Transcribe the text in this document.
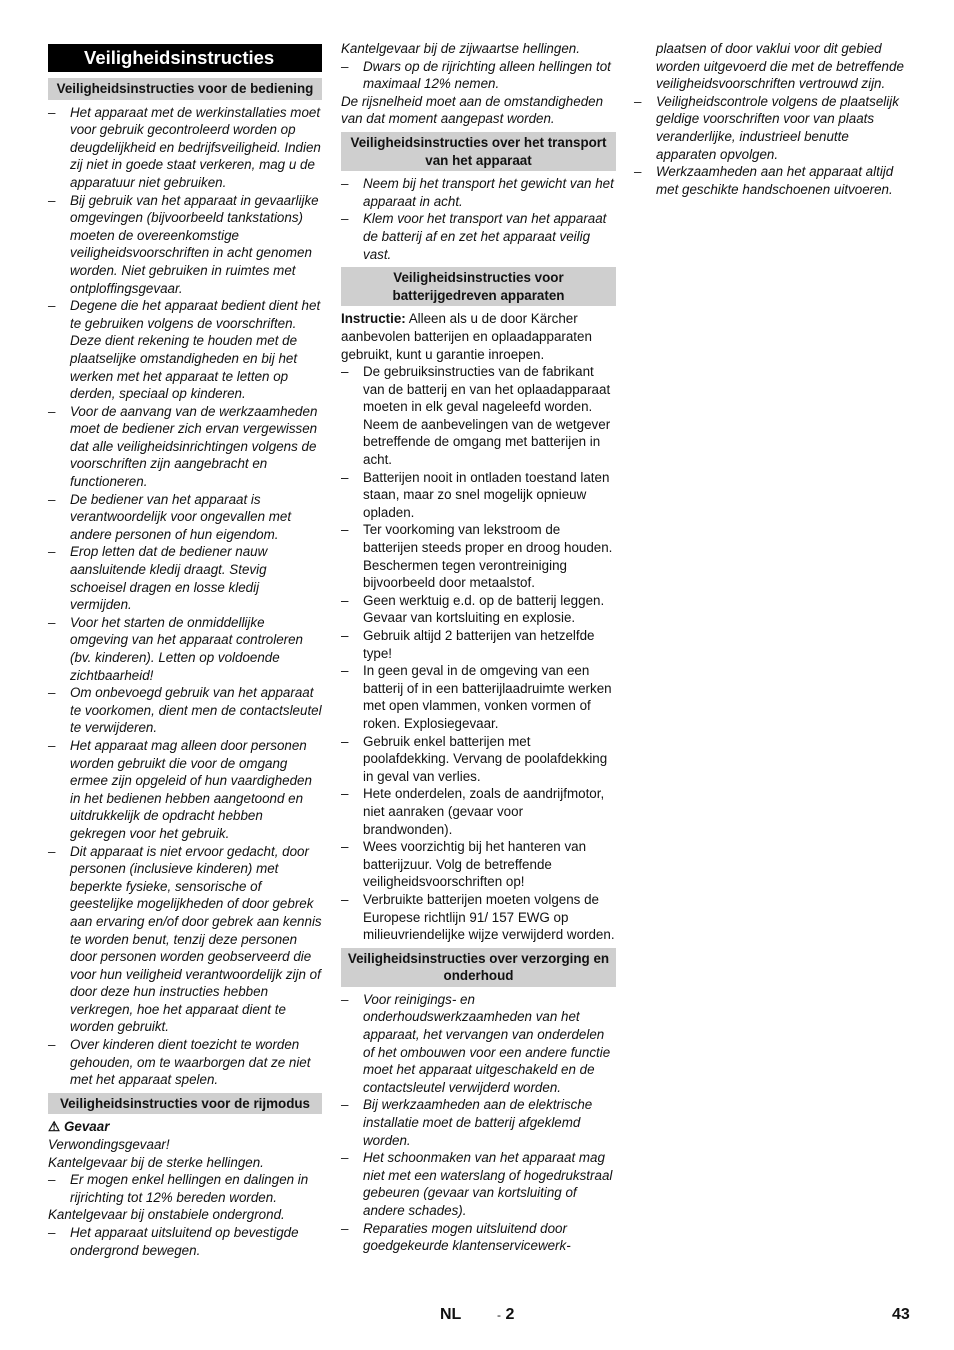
Veiligheidsinstructies
Veiligheidsinstructies voor de bediening
– Het apparaat met de werkinstallaties moet voor gebruik gecontroleerd worden op deugdelijkheid en bedrijfsveiligheid. Indien zij niet in goede staat verkeren, mag u de apparatuur niet gebruiken.
– Bij gebruik van het apparaat in gevaarlijke omgevingen (bijvoorbeeld tankstations) moeten de overeenkomstige veiligheidsvoorschriften in acht genomen worden. Niet gebruiken in ruimtes met ontploffingsgevaar.
– Degene die het apparaat bedient dient het te gebruiken volgens de voorschriften. Deze dient rekening te houden met de plaatselijke omstandigheden en bij het werken met het apparaat te letten op derden, speciaal op kinderen.
– Voor de aanvang van de werkzaamheden moet de bediener zich ervan vergewissen dat alle veiligheidsinrichtingen volgens de voorschriften zijn aangebracht en functioneren.
– De bediener van het apparaat is verantwoordelijk voor ongevallen met andere personen of hun eigendom.
– Erop letten dat de bediener nauw aansluitende kledij draagt. Stevig schoeisel dragen en losse kledij vermijden.
– Voor het starten de onmiddellijke omgeving van het apparaat controleren (bv. kinderen). Letten op voldoende zichtbaarheid!
– Om onbevoegd gebruik van het apparaat te voorkomen, dient men de contactsleutel te verwijderen.
– Het apparaat mag alleen door personen worden gebruikt die voor de omgang ermee zijn opgeleid of hun vaardigheden in het bedienen hebben aangetoond en uitdrukkelijk de opdracht hebben gekregen voor het gebruik.
– Dit apparaat is niet ervoor gedacht, door personen (inclusieve kinderen) met beperkte fysieke, sensorische of geestelijke mogelijkheden of door gebrek aan ervaring en/of door gebrek aan kennis te worden benut, tenzij deze personen door personen worden geobserveerd die voor hun veiligheid verantwoordelijk zijn of door deze hun instructies hebben verkregen, hoe het apparaat dient te worden gebruikt.
– Over kinderen dient toezicht te worden gehouden, om te waarborgen dat ze niet met het apparaat spelen.
Veiligheidsinstructies voor de rijmodus
⚠ Gevaar

Verwondingsgevaar!

Kantelgevaar bij de sterke hellingen.

– Er mogen enkel hellingen en dalingen in rijrichting tot 12% bereden worden.

Kantelgevaar bij onstabiele ondergrond.

– Het apparaat uitsluitend op bevestigde ondergrond bewegen.

Kantelgevaar bij de zijwaartse hellingen.

– Dwars op de rijrichting alleen hellingen tot maximaal 12% nemen.

De rijsnelheid moet aan de omstandigheden van dat moment aangepast worden.

Veiligheidsinstructies over het transport van het apparaat
– Neem bij het transport het gewicht van het apparaat in acht.
– Klem voor het transport van het apparaat de batterij af en zet het apparaat veilig vast.
Veiligheidsinstructies voor batterijgedreven apparaten

Instructie: Alleen als u de door Kärcher aanbevolen batterijen en oplaadapparaten gebruikt, kunt u garantie inroepen.

– De gebruiksinstructies van de fabrikant van de batterij en van het oplaadapparaat moeten in elk geval nageleefd worden. Neem de aanbevelingen van de wetgever betreffende de omgang met batterijen in acht.
– Batterijen nooit in ontladen toestand laten staan, maar zo snel mogelijk opnieuw opladen.
– Ter voorkoming van lekstroom de batterijen steeds proper en droog houden. Beschermen tegen verontreiniging bijvoorbeeld door metaalstof.
– Geen werktuig e.d. op de batterij leggen. Gevaar van kortsluiting en explosie.
– Gebruik altijd 2 batterijen van hetzelfde type!
– In geen geval in de omgeving van een batterij of in een batterijlaadruimte werken met open vlammen, vonken vormen of roken. Explosiegevaar.
– Gebruik enkel batterijen met poolafdekking. Vervang de poolafdekking in geval van verlies.
– Hete onderdelen, zoals de aandrijfmotor, niet aanraken (gevaar voor brandwonden).
– Wees voorzichtig bij het hanteren van batterijzuur. Volg de betreffende veiligheidsvoorschriften op!
– Verbruikte batterijen moeten volgens de Europese richtlijn 91/ 157 EWG op milieuvriendelijke wijze verwijderd worden.
Veiligheidsinstructies over verzorging en onderhoud
– Voor reinigings- en onderhoudswerkzaamheden van het apparaat, het vervangen van onderdelen of het ombouwen voor een andere functie moet het apparaat uitgeschakeld en de contactsleutel verwijderd worden.
– Bij werkzaamheden aan de elektrische installatie moet de batterij afgeklemd worden.
– Het schoonmaken van het apparaat mag niet met een waterslang of hogedrukstraal gebeuren (gevaar van kortsluiting of andere schades).
– Reparaties mogen uitsluitend door goedgekeurde klantenservicewerk-

plaatsen of door vaklui voor dit gebied worden uitgevoerd die met de betreffende veiligheidsvoorschriften vertrouwd zijn.

– Veiligheidscontrole volgens de plaatselijk geldige voorschriften voor van plaats veranderlijke, industrieel benutte apparaten opvolgen.
– Werkzaamheden aan het apparaat altijd met geschikte handschoenen uitvoeren.
NL	- 2	43
